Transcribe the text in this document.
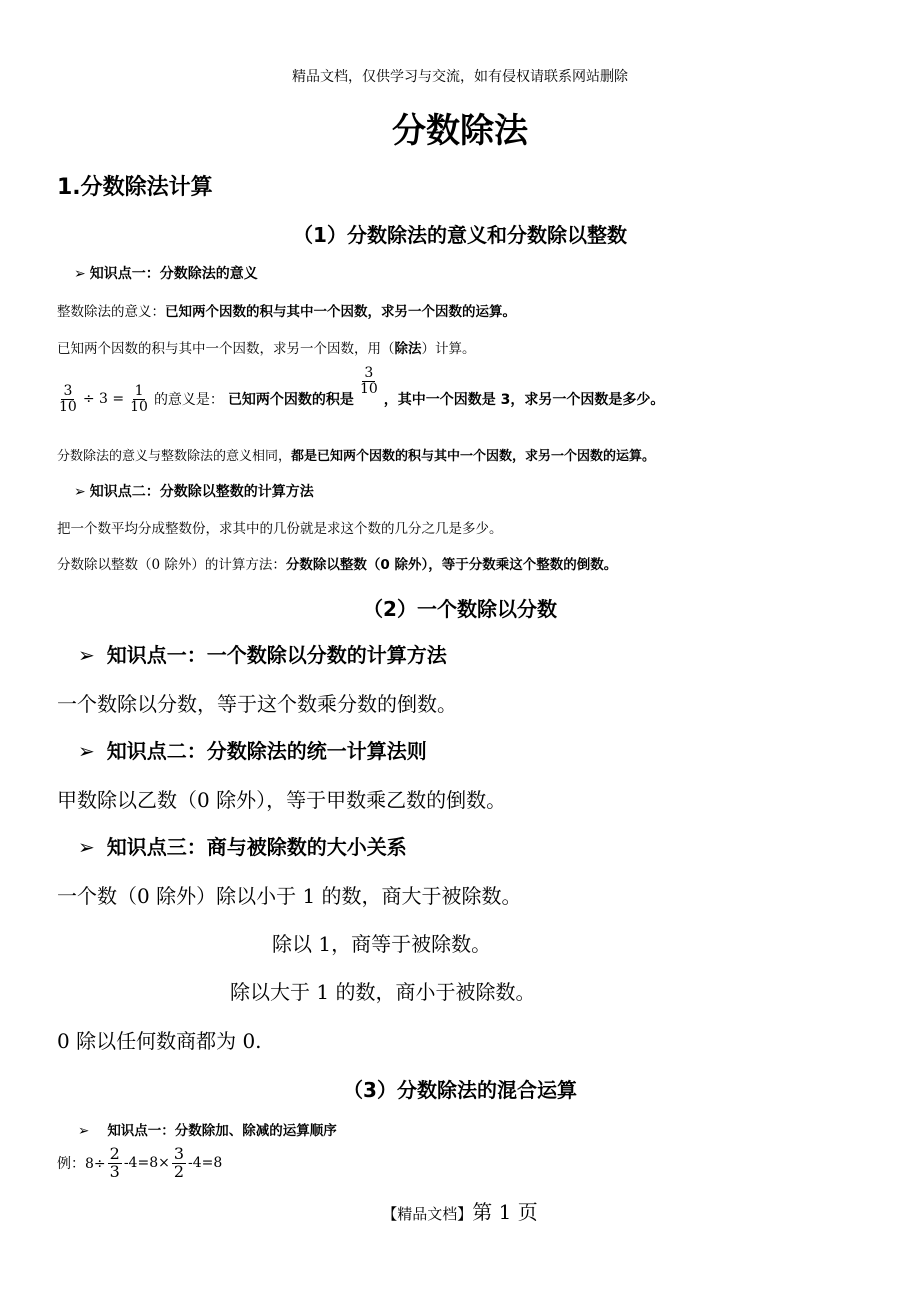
精品文档，仅供学习与交流，如有侵权请联系网站删除
分数除法
1.分数除法计算
（1）分数除法的意义和分数除以整数
➢ 知识点一：分数除法的意义
整数除法的意义：已知两个因数的积与其中一个因数，求另一个因数的运算。
已知两个因数的积与其中一个因数，求另一个因数，用（除法）计算。
$\frac{3}{10} \div 3 = \frac{1}{10}$ 的意义是： 已知两个因数的积是
$\frac{3}{10}$
，其中一个因数是 3，求另一个因数是多少。
分数除法的意义与整数除法的意义相同，都是已知两个因数的积与其中一个因数，求另一个因数的运算。
➢ 知识点二：分数除以整数的计算方法
把一个数平均分成整数份，求其中的几份就是求这个数的几分之几是多少。
分数除以整数（0 除外）的计算方法：分数除以整数（0 除外），等于分数乘这个整数的倒数。
（2）一个数除以分数
➢ 知识点一：一个数除以分数的计算方法
一个数除以分数，等于这个数乘分数的倒数。
➢ 知识点二：分数除法的统一计算法则
甲数除以乙数（0 除外），等于甲数乘乙数的倒数。
➢ 知识点三：商与被除数的大小关系
一个数（0 除外）除以小于 1 的数，商大于被除数。
除以 1，商等于被除数。
除以大于 1 的数，商小于被除数。
0 除以任何数商都为 0.
（3）分数除法的混合运算
➢ 知识点一：分数除加、除减的运算顺序
例：$8\div \frac{2}{3} -4=8\times \frac{3}{2} -4=8$
【精品文档】第 1 页
